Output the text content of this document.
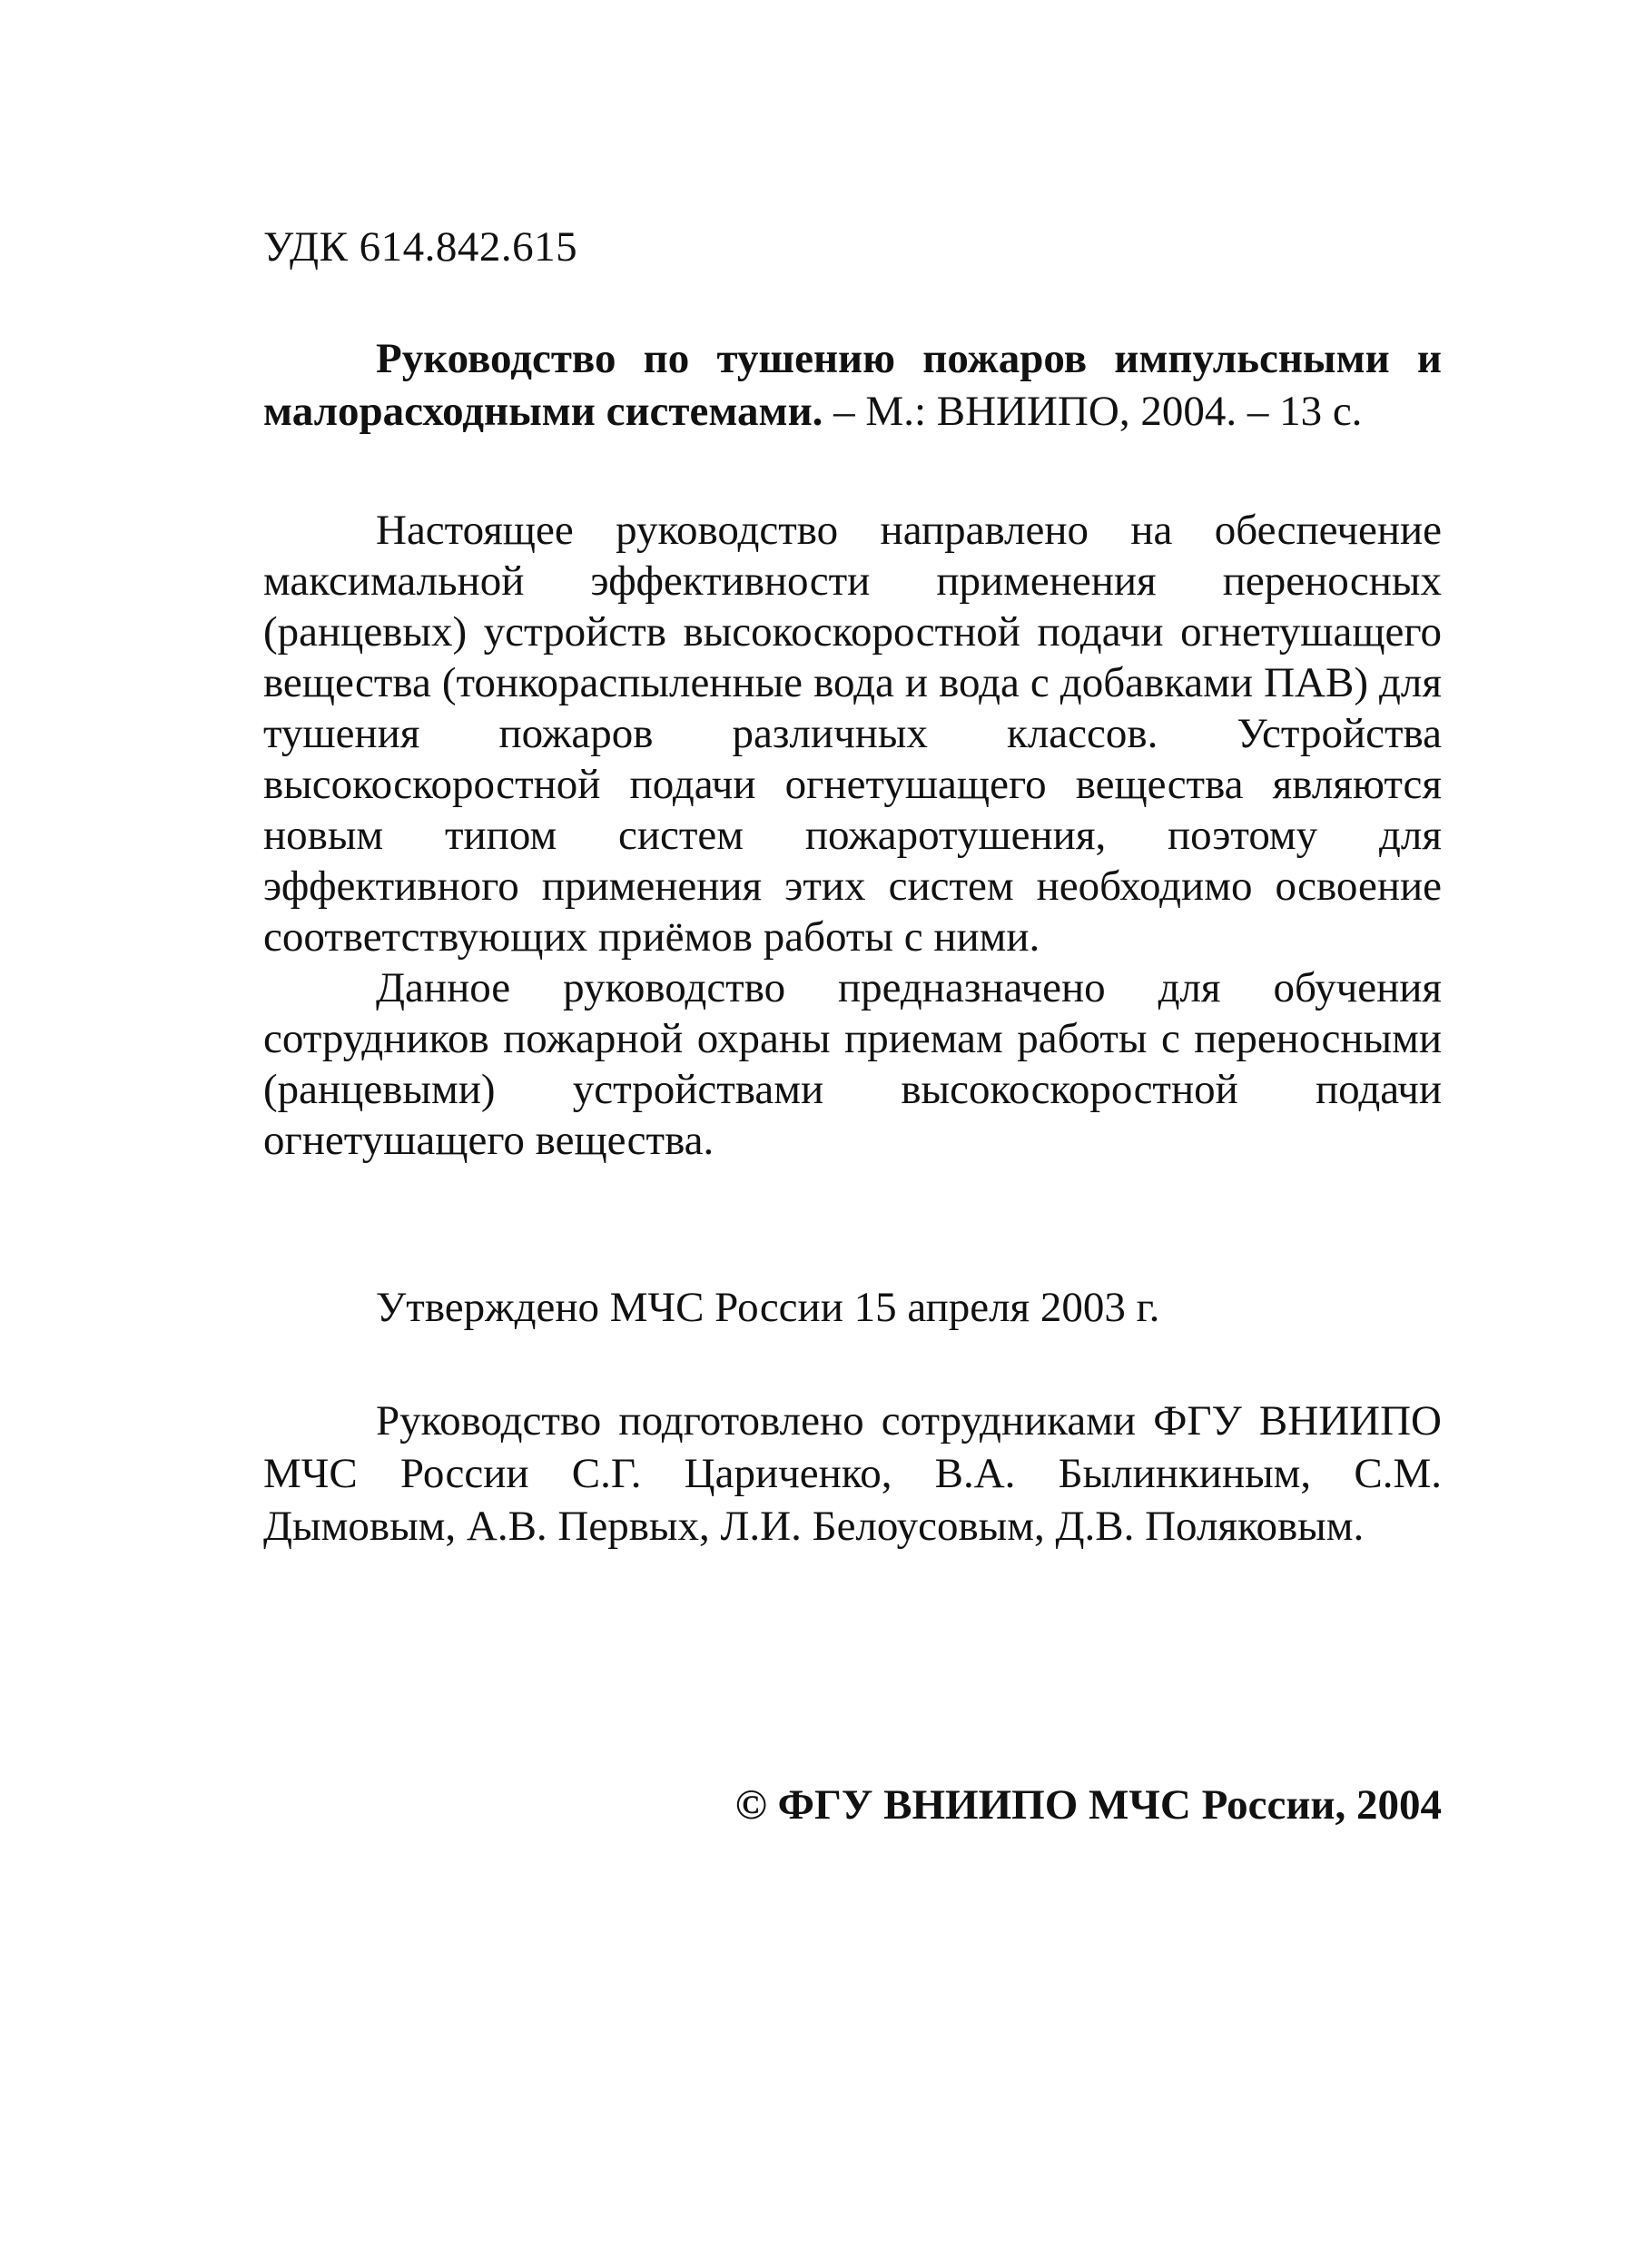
УДК 614.842.615
Руководство по тушению пожаров импульсными и малорасходными системами. – М.: ВНИИПО, 2004. – 13 с.

Настоящее руководство направлено на обеспечение максимальной эффективности применения переносных (ранцевых) устройств высокоскоростной подачи огнетушащего вещества (тонкораспыленные вода и вода с добавками ПАВ) для тушения пожаров различных классов. Устройства высокоскоростной подачи огнетушащего вещества являются новым типом систем пожаротушения, поэтому для эффективного применения этих систем необходимо освоение соответствующих приёмов работы с ними.

Данное руководство предназначено для обучения сотрудников пожарной охраны приемам работы с переносными (ранцевыми) устройствами высокоскоростной подачи огнетушащего вещества.

Утверждено МЧС России 15 апреля 2003 г.
Руководство подготовлено сотрудниками ФГУ ВНИИПО МЧС России С.Г. Цариченко, В.А. Былинкиным, С.М. Дымовым, А.В. Первых, Л.И. Белоусовым, Д.В. Поляковым.
© ФГУ ВНИИПО МЧС России, 2004
